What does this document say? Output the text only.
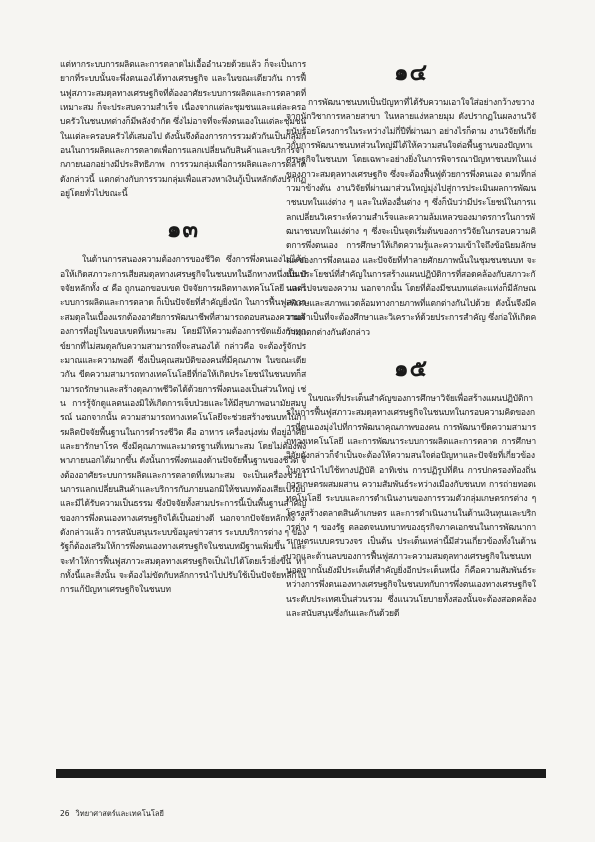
แต่หากระบบการผลิตและการตลาดไม่เอื้ออำนวยด้วยแล้ว ก็จะเป็นการยากที่ระบบนั้นจะพึ่งตนเองได้ทางเศรษฐกิจ และในขณะเดียวกัน การฟื้นฟูสภาวะสมดุลทางเศรษฐกิจที่ต้องอาศัยระบบการผลิตและการตลาดที่เหมาะสม ก็จะประสบความสำเร็จ เนื่องจากแต่ละชุมชนและแต่ละครอบครัวในชนบทต่างก็มีพลังจำกัด ซึ่งไม่อาจที่จะพึ่งตนเองในแต่ละชุมชน ในแต่ละครอบครัวได้เสมอไป ดังนั้นจึงต้องการการรวมตัวกันเป็นกลุ่มก้อนในการผลิตและการตลาดเพื่อการแลกเปลี่ยนกับสินค้าและบริการจากภายนอกอย่างมีประสิทธิภาพ การรวมกลุ่มเพื่อการผลิตและการตลาดดังกล่าวนี้ แตกต่างกับการรวมกลุ่มเพื่อแสวงหาเงินกู้เป็นหลักดังปรากฏอยู่โดยทั่วไปขณะนี้

๑๓

ในด้านการสนองความต้องการของชีวิต ซึ่งการพึ่งตนเองไม่ได้ก่อให้เกิดสภาวะการเสียสมดุลทางเศรษฐกิจในชนบทในอีกทางหนึ่งนั้น ปัจจัยหลักทั้ง ๔ คือ ถูกนอกขอบเขต ปัจจัยการผลิตทางเทคโนโลยี และระบบการผลิตและการตลาด ก็เป็นปัจจัยที่สำคัญยิ่งนัก ในการฟื้นฟูสภาวะสมดุลในเบื้องแรกต้องอาศัยการพัฒนาชีพที่สามารถตอบสนองความต้องการที่อยู่ในขอบเขตที่เหมาะสม โดยมีให้ความต้องการขัดแย้งกับทุกข์ยากที่ไม่สมดุลกับความสามารถที่จะสนองได้ กล่าวคือ จะต้องรู้จักประมาณและความพอดี ซึ่งเป็นคุณสมบัติของคนที่มีคุณภาพ ในขณะเดียวกัน ขีดความสามารถทางเทคโนโลยีที่ก่อให้เกิดประโยชน์ในชนบทก็สามารถรักษาและสร้างดุลภาพชีวิตได้ด้วยการพึ่งตนเองเป็นส่วนใหญ่ เช่น การรู้จักดูแลตนเองมิให้เกิดการเจ็บป่วยและให้มีสุขภาพอนามัยสมบูรณ์ นอกจากนั้น ความสามารถทางเทคโนโลยีจะช่วยสร้างชนบทในการผลิตปัจจัยพื้นฐานในการดำรงชีวิต คือ อาหาร เครื่องนุ่งห่ม ที่อยู่อาศัย และยารักษาโรค ซึ่งมีคุณภาพและมาตรฐานที่เหมาะสม โดยไม่ต้องพึ่งพาภายนอกได้มากขึ้น ดังนั้นการพึ่งตนเองด้านปัจจัยพื้นฐานของชีวิต จึงต้องอาศัยระบบการผลิตและการตลาดที่เหมาะสม จะเป็นเครื่องช่วยในการแลกเปลี่ยนสินค้าและบริการกับภายนอกมิให้ชนบทต้องเสียเปรียบ และมีได้รับความเป็นธรรม ซึ่งปัจจัยทั้งสามประการนี้เป็นพื้นฐานสำคัญของการพึ่งตนเองทางเศรษฐกิจได้เป็นอย่างดี นอกจากปัจจัยหลักทั้ง ๓ ดังกล่าวแล้ว การสนับสนุนระบบข้อมูลข่าวสาร ระบบบริการต่าง ๆ ของรัฐก็ต้องเสริมให้การพึ่งตนเองทางเศรษฐกิจในชนบทมีฐานเพิ่มขึ้น และจะทำให้การฟื้นฟูสภาวะสมดุลทางเศรษฐกิจเป็นไปได้โดยเร็วยิ่งขึ้น หากทั้งนี้และสิ่งนั้น จะต้องไม่ขัดกับหลักการนำไปปรับใช้เป็นปัจจัยหลักในการแก้ปัญหาเศรษฐกิจในชนบท

๑๔

การพัฒนาชนบทเป็นปัญหาที่ได้รับความเอาใจใส่อย่างกว้างขวางจากนักวิชาการหลายสาขา ในหลายแง่หลายมุม ดังปรากฏในผลงานวิจัยนับร้อยโครงการในระหว่างไม่กี่ปีที่ผ่านมา อย่างไรก็ตาม งานวิจัยที่เกี่ยวกับการพัฒนาชนบทส่วนใหญ่มีได้ให้ความสนใจต่อพื้นฐานของปัญหาเศรษฐกิจในชนบท โดยเฉพาะอย่างยิ่งในการพิจารณาปัญหาชนบทในแง่ของภาวะสมดุลทางเศรษฐกิจ ซึ่งจะต้องฟื้นฟูด้วยการพึ่งตนเอง ตามที่กล่าวมาข้างต้น งานวิจัยที่ผ่านมาส่วนใหญ่มุ่งไปสู่การประเมินผลการพัฒนาชนบทในแง่ต่าง ๆ และในห้องอื่นต่าง ๆ ซึ่งก็นับว่ามีประโยชน์ในการแลกเปลี่ยนวิเคราะห์ความสำเร็จและความล้มเหลวของมาตรการในการพัฒนาชนบทในแง่ต่าง ๆ ซึ่งจะเป็นจุดเริ่มต้นของการวิจัยในกรอบความคิดการพึ่งตนเอง การศึกษาให้เกิดความรู้และความเข้าใจถึงข้อนิยมลักษณะของการพึ่งตนเอง และปัจจัยที่ทำลายศักยภาพนั้นในชุมชนชนบท จะเป็นประโยชน์ที่สำคัญในการสร้างแผนปฏิบัติการที่สอดคล้องกับสภาวะกันแต่ไปจนของความ นอกจากนั้น โดยที่ต้องมีชนบทแต่ละแห่งก็มีลักษณะพิเศษและสภาพแวดล้อมทางกายภาพที่แตกต่างกันไปด้วย ดังนั้นจึงมีความจำเป็นที่จะต้องศึกษาและวิเคราะห์ด้วยประการสำคัญ ซึ่งก่อให้เกิดความแตกต่างกันดังกล่าว

๑๕

ในขณะที่ประเด็นสำคัญของการศึกษาวิจัยเพื่อสร้างแผนปฏิบัติการในการฟื้นฟูสภาวะสมดุลทางเศรษฐกิจในชนบทในกรอบความคิดของการที่ตนเองมุ่งไปที่การพัฒนาคุณภาพของคน การพัฒนาขีดความสามารถทางเทคโนโลยี และการพัฒนาระบบการผลิตและการตลาด การศึกษาวิจัยดังกล่าวก็จำเป็นจะต้องให้ความสนใจต่อปัญหาและปัจจัยที่เกี่ยวข้องในการนำไปใช้ทางปฏิบัติ อาทิเช่น การปฏิรูปที่ดิน การปกครองท้องถิ่น การเกษตรผสมผสาน ความสัมพันธ์ระหว่างเมืองกับชนบท การถ่ายทอดเทคโนโลยี ระบบและการดำเนินงานของการรวมตัวกลุ่มเกษตรกรต่าง ๆ โครงสร้างตลาดสินค้าเกษตร และการดำเนินงานในด้านเงินทุนและบริการต่าง ๆ ของรัฐ ตลอดจนบทบาทของธุรกิจภาคเอกชนในการพัฒนาการเกษตรแบบครบวงจร เป็นต้น ประเด็นเหล่านี้มีส่วนเกี่ยวข้องทั้งในด้านบวกและด้านลบของการฟื้นฟูสภาวะความสมดุลทางเศรษฐกิจในชนบท นอกจากนั้นยังมีประเด็นที่สำคัญยิ่งอีกประเด็นหนึ่ง ก็คือความสัมพันธ์ระหว่างการพึ่งตนเองทางเศรษฐกิจในชนบทกับการพึ่งตนเองทางเศรษฐกิจในระดับประเทศเป็นส่วนรวม ซึ่งแนวนโยบายทั้งสองนั้นจะต้องสอดคล้องและสนับสนุนซึ่งกันและกันด้วยดี

26 วิทยาศาสตร์และเทคโนโลยี
